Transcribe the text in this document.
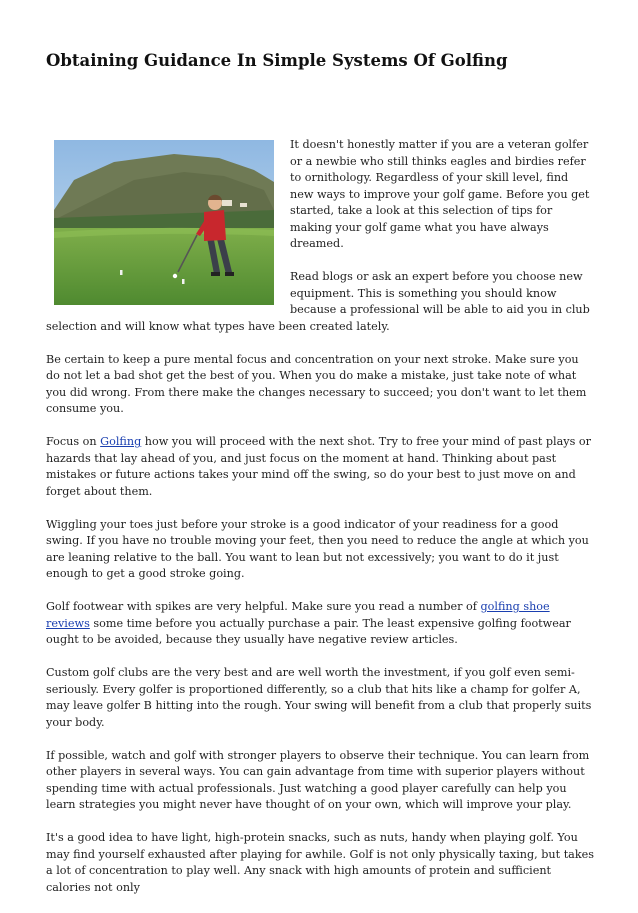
Obtaining Guidance In Simple Systems Of Golfing

It doesn't honestly matter if you are a veteran golfer or a newbie who still thinks eagles and birdies refer to ornithology. Regardless of your skill level, find new ways to improve your golf game. Before you get started, take a look at this selection of tips for making your golf game what you have always dreamed.

Read blogs or ask an expert before you choose new equipment. This is something you should know because a professional will be able to aid you in club selection and will know what types have been created lately.

Be certain to keep a pure mental focus and concentration on your next stroke. Make sure you do not let a bad shot get the best of you. When you do make a mistake, just take note of what you did wrong. From there make the changes necessary to succeed; you don't want to let them consume you.

Focus on Golfing how you will proceed with the next shot. Try to free your mind of past plays or hazards that lay ahead of you, and just focus on the moment at hand. Thinking about past mistakes or future actions takes your mind off the swing, so do your best to just move on and forget about them.

Wiggling your toes just before your stroke is a good indicator of your readiness for a good swing. If you have no trouble moving your feet, then you need to reduce the angle at which you are leaning relative to the ball. You want to lean but not excessively; you want to do it just enough to get a good stroke going.

Golf footwear with spikes are very helpful. Make sure you read a number of golfing shoe reviews some time before you actually purchase a pair. The least expensive golfing footwear ought to be avoided, because they usually have negative review articles.

Custom golf clubs are the very best and are well worth the investment, if you golf even semi-seriously. Every golfer is proportioned differently, so a club that hits like a champ for golfer A, may leave golfer B hitting into the rough. Your swing will benefit from a club that properly suits your body.

If possible, watch and golf with stronger players to observe their technique. You can learn from other players in several ways. You can gain advantage from time with superior players without spending time with actual professionals. Just watching a good player carefully can help you learn strategies you might never have thought of on your own, which will improve your play.

It's a good idea to have light, high-protein snacks, such as nuts, handy when playing golf. You may find yourself exhausted after playing for awhile. Golf is not only physically taxing, but takes a lot of concentration to play well. Any snack with high amounts of protein and sufficient calories not only
